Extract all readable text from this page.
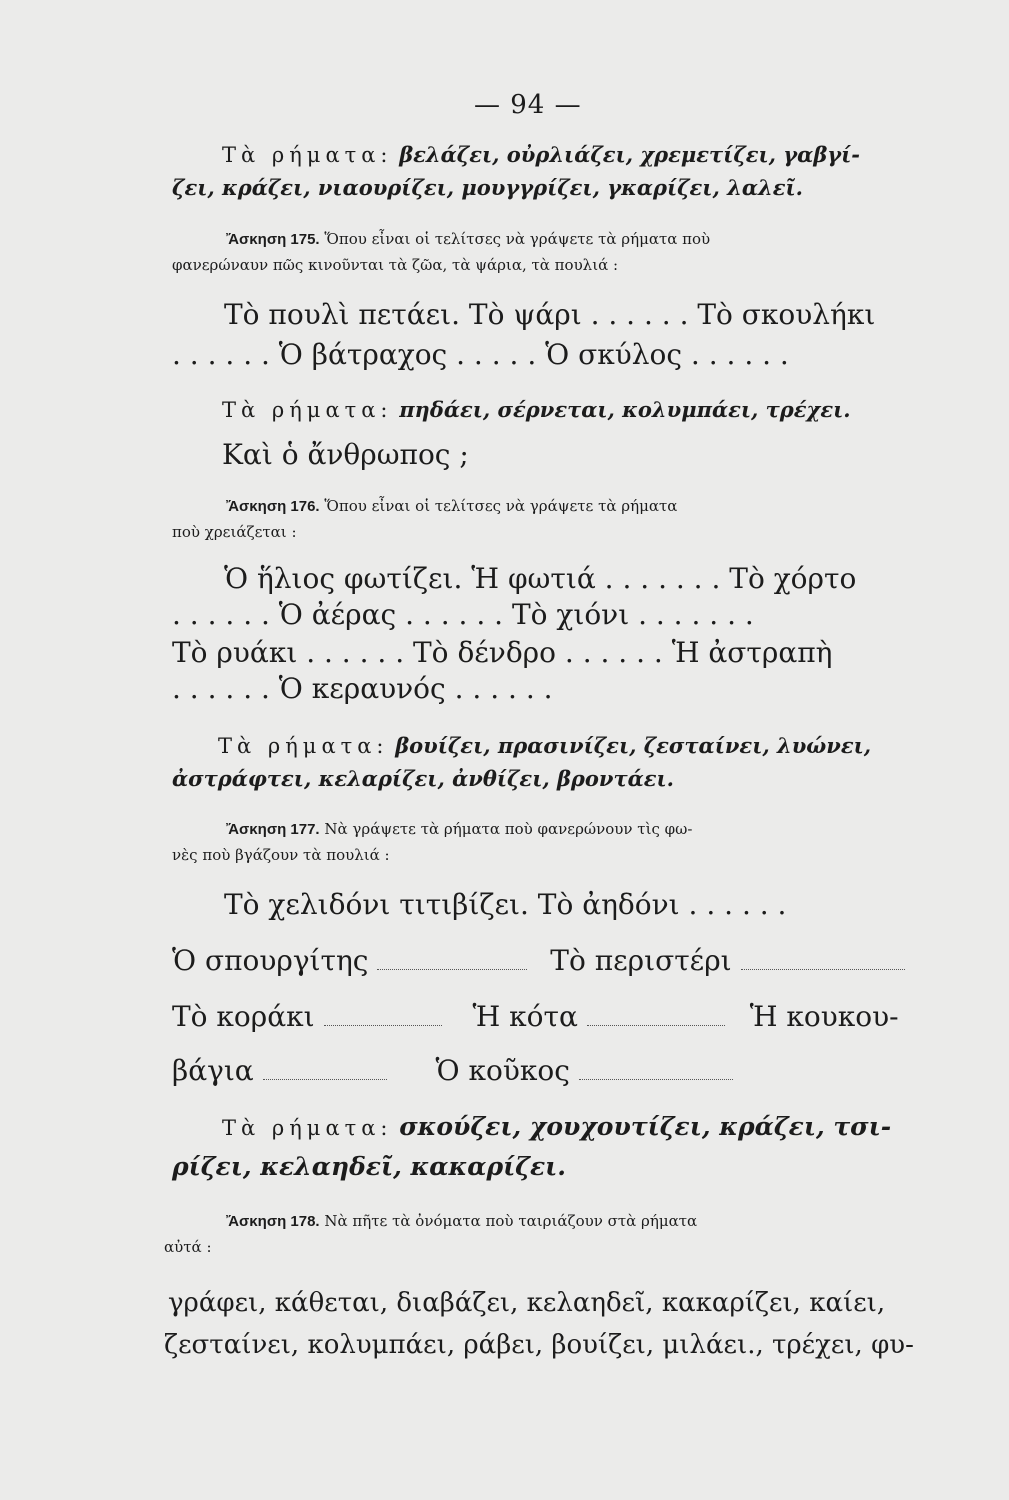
— 94 —
Τὰ ρήματα: βελάζει, οὐρλιάζει, χρεμετίζει, γαβγί-
ζει, κράζει, νιαουρίζει, μουγγρίζει, γκαρίζει, λαλεῖ.
Ἄσκηση 175. Ὅπου εἶναι οἱ τελίτσες νὰ γράψετε τὰ ρήματα ποὺ
φανερώναυν πῶς κινοῦνται τὰ ζῶα, τὰ ψάρια, τὰ πουλιά :
Τὸ πουλὶ πετάει. Τὸ ψάρι . . . . . . Τὸ σκουλήκι
. . . . . . Ὁ βάτραχος . . . . . Ὁ σκύλος . . . . . .
Τὰ ρήματα: πηδάει, σέρνεται, κολυμπάει, τρέχει.
Καὶ ὁ ἄνθρωπος ;
Ἄσκηση 176. Ὅπου εἶναι οἱ τελίτσες νὰ γράψετε τὰ ρήματα
ποὺ χρειάζεται :
Ὁ ἥλιος φωτίζει. Ἡ φωτιά . . . . . . . Τὸ χόρτο
. . . . . . Ὁ ἀέρας . . . . . . Τὸ χιόνι . . . . . . .
Τὸ ρυάκι . . . . . . Τὸ δένδρο . . . . . . Ἡ ἀστραπὴ
. . . . . . Ὁ κεραυνός . . . . . .
Τὰ ρήματα: βουίζει, πρασινίζει, ζεσταίνει, λυώνει,
ἀστράφτει, κελαρίζει, ἀνθίζει, βροντάει.
Ἄσκηση 177. Νὰ γράψετε τὰ ρήματα ποὺ φανερώνουν τὶς φω-
νὲς ποὺ βγάζουν τὰ πουλιά :
Τὸ χελιδόνι τιτιβίζει. Τὸ ἀηδόνι . . . . . .
Ὁ σπουργίτης	Τὸ περιστέρι
Τὸ κοράκι	Ἡ κότα	Ἡ κουκου-
βάγια	Ὁ κοῦκος
Τὰ ρήματα: σκούζει, χουχουτίζει, κράζει, τσι-
ρίζει, κελαηδεῖ, κακαρίζει.
Ἄσκηση 178. Νὰ πῆτε τὰ ὀνόματα ποὺ ταιριάζουν στὰ ρήματα
αὐτά :
γράφει, κάθεται, διαβάζει, κελαηδεῖ, κακαρίζει, καίει,
ζεσταίνει, κολυμπάει, ράβει, βουίζει, μιλάει., τρέχει, φυ-
